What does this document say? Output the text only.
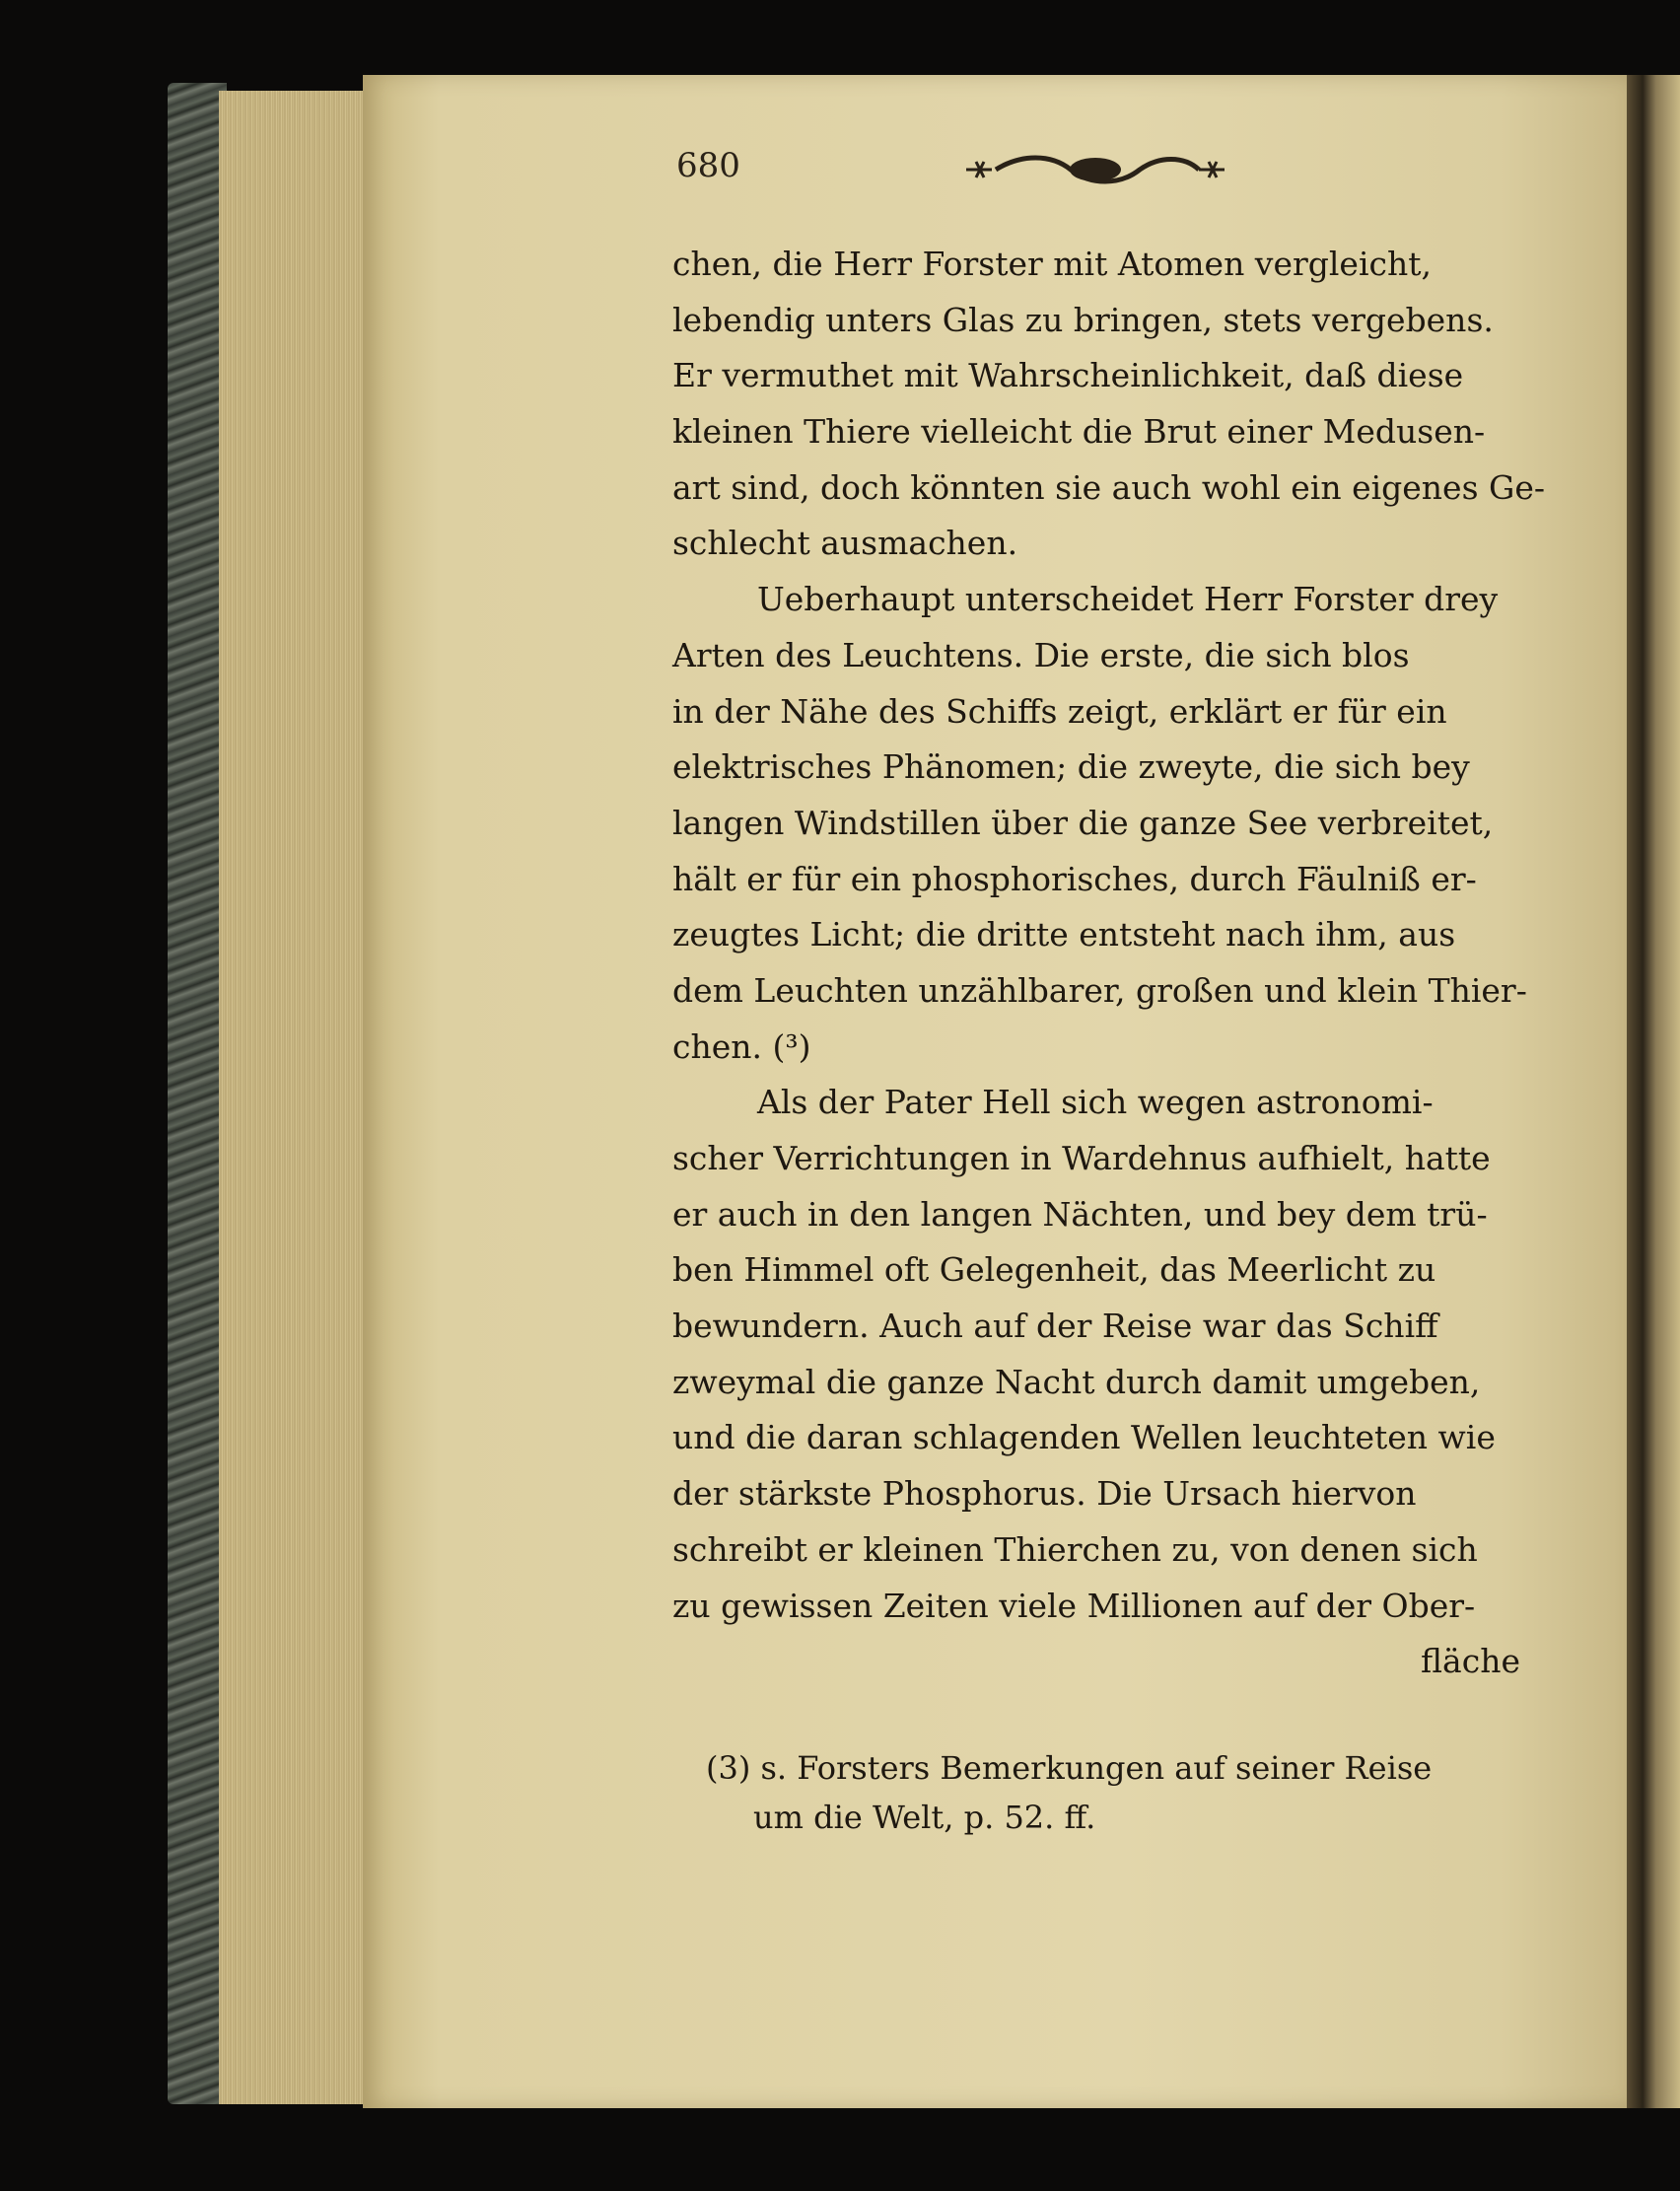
680
chen, die Herr Forster mit Atomen vergleicht,
lebendig unters Glas zu bringen, stets vergebens.
Er vermuthet mit Wahrscheinlichkeit, daß diese
kleinen Thiere vielleicht die Brut einer Medusen-
art sind, doch könnten sie auch wohl ein eigenes Ge-
schlecht ausmachen.
Ueberhaupt unterscheidet Herr Forster drey
Arten des Leuchtens. Die erste, die sich blos
in der Nähe des Schiffs zeigt, erklärt er für ein
elektrisches Phänomen; die zweyte, die sich bey
langen Windstillen über die ganze See verbreitet,
hält er für ein phosphorisches, durch Fäulniß er-
zeugtes Licht; die dritte entsteht nach ihm, aus
dem Leuchten unzählbarer, großen und klein Thier-
chen. (³)
Als der Pater Hell sich wegen astronomi-
scher Verrichtungen in Wardehnus aufhielt, hatte
er auch in den langen Nächten, und bey dem trü-
ben Himmel oft Gelegenheit, das Meerlicht zu
bewundern. Auch auf der Reise war das Schiff
zweymal die ganze Nacht durch damit umgeben,
und die daran schlagenden Wellen leuchteten wie
der stärkste Phosphorus. Die Ursach hiervon
schreibt er kleinen Thierchen zu, von denen sich
zu gewissen Zeiten viele Millionen auf der Ober-
fläche
(3) s. Forsters Bemerkungen auf seiner Reise
um die Welt, p. 52. ff.
